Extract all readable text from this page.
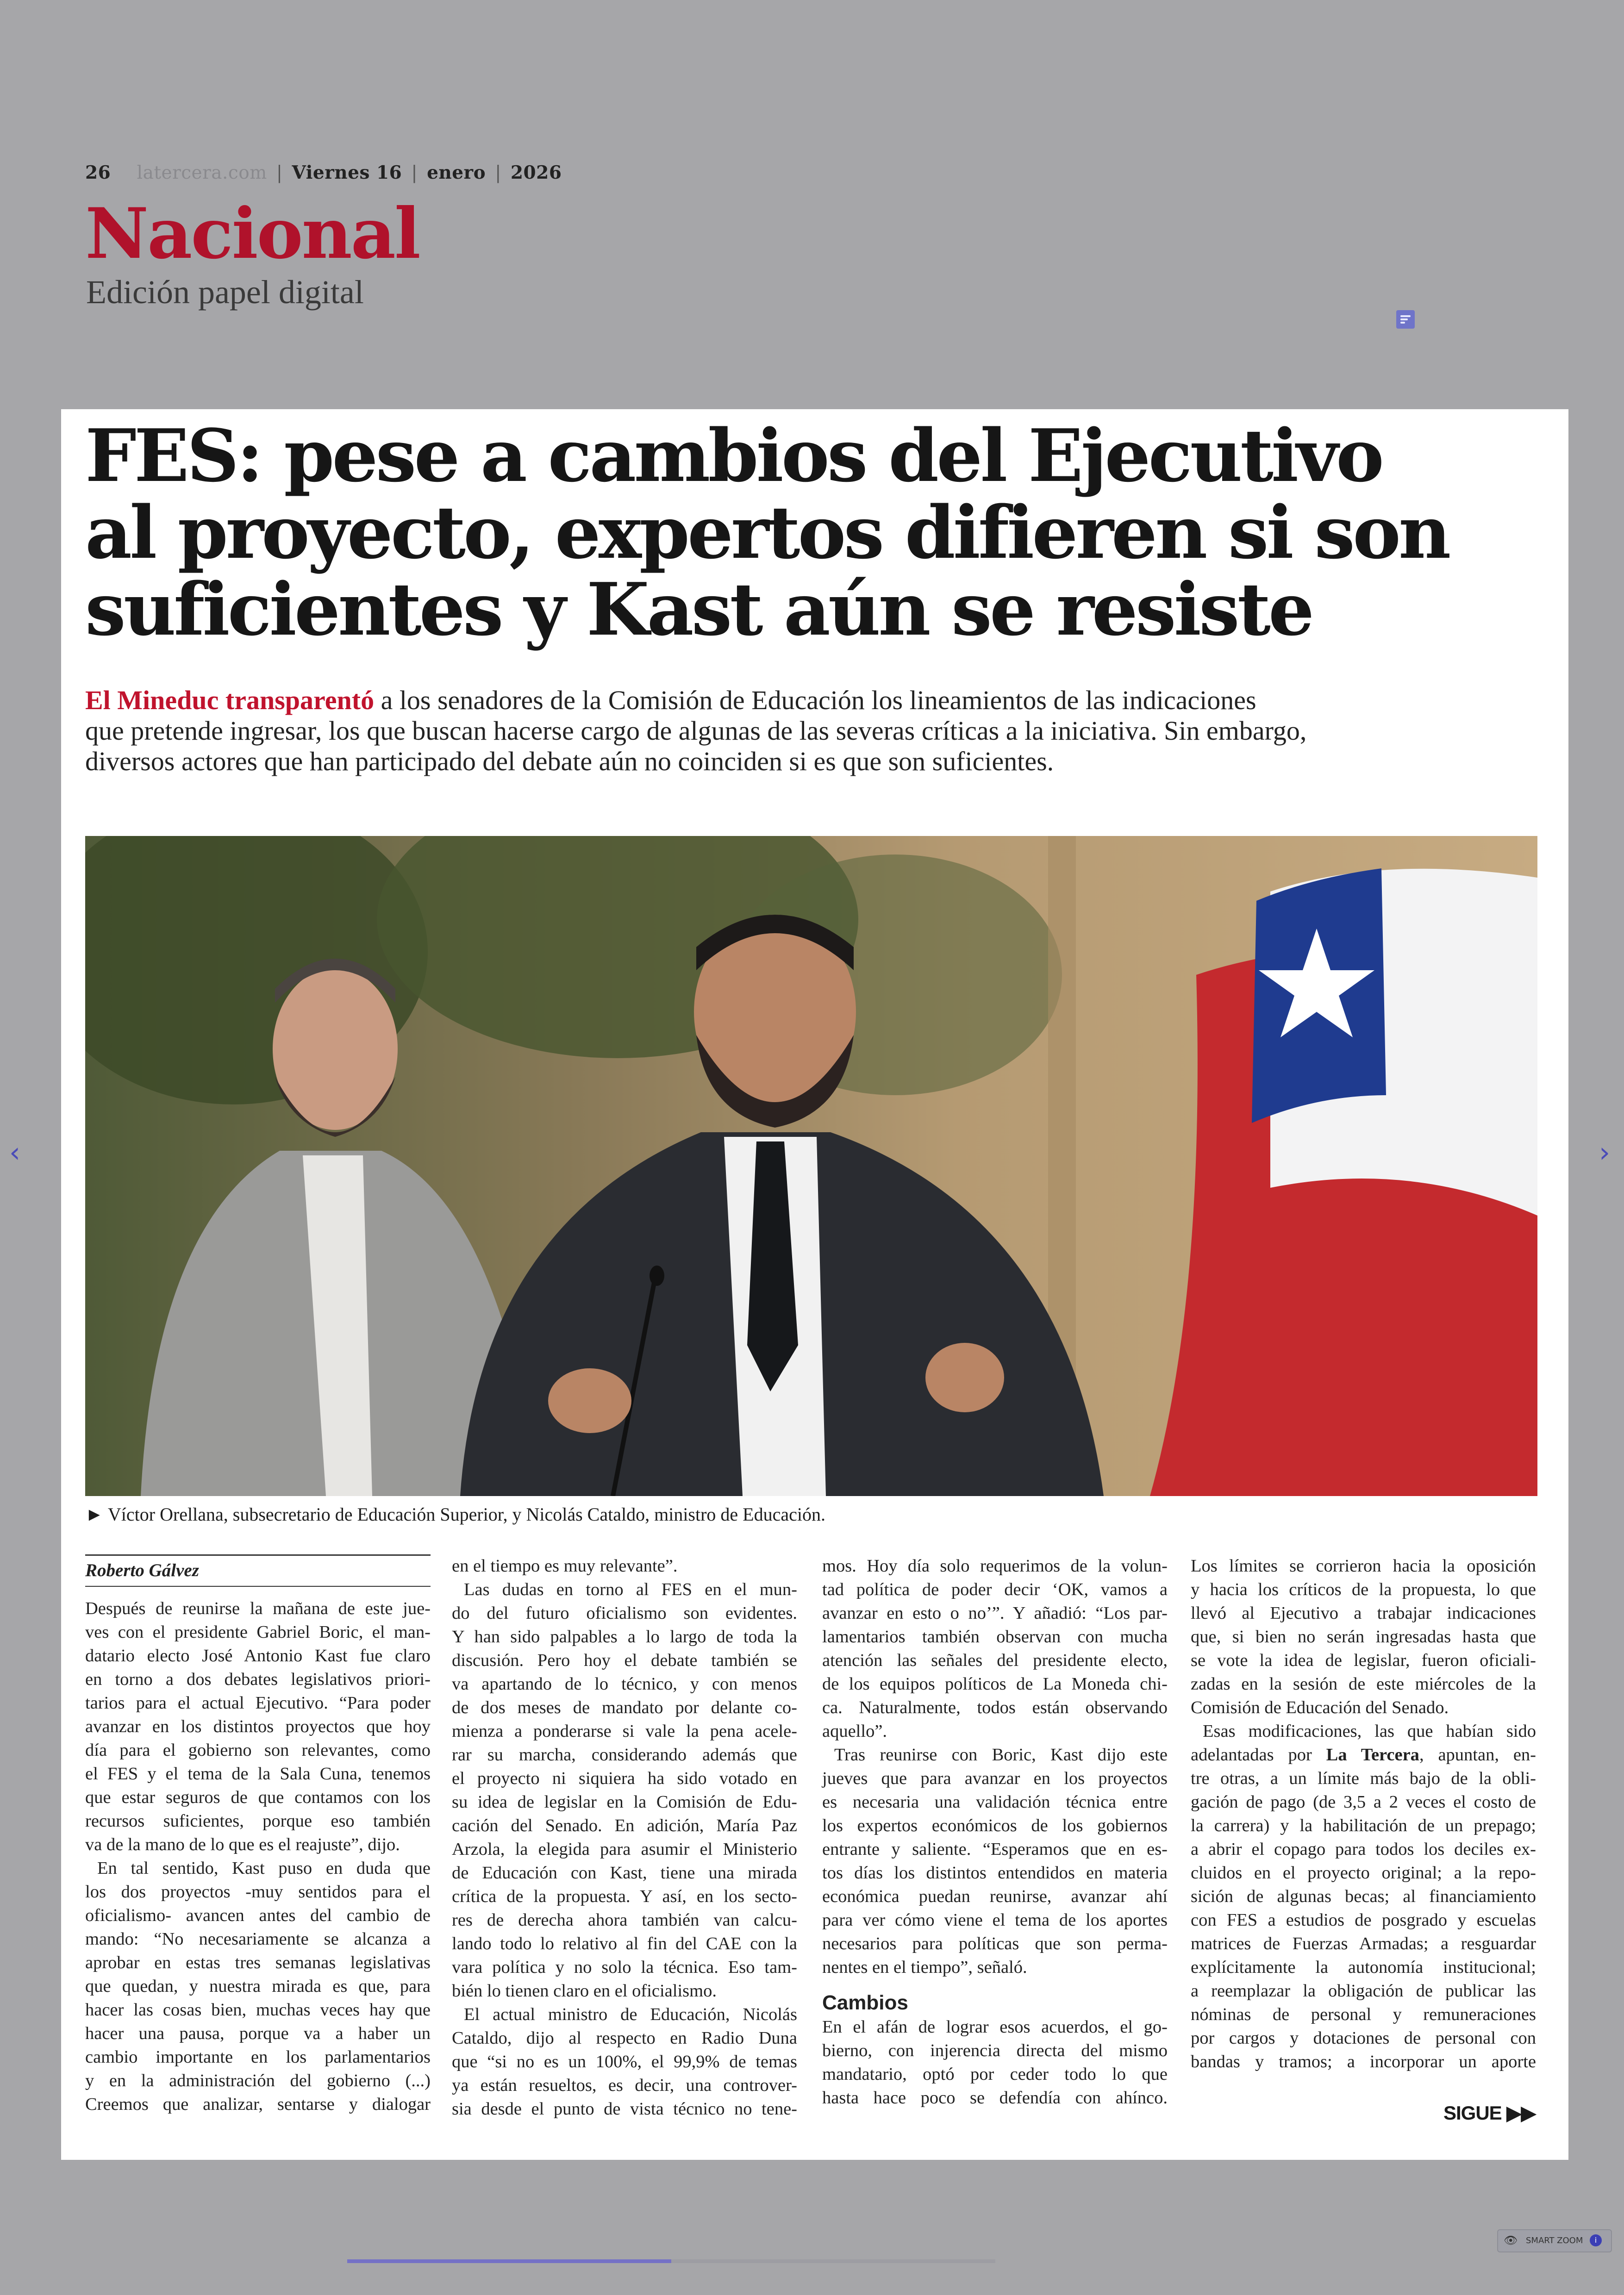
26 latercera.com | Viernes 16 | enero | 2026
Nacional
Edición papel digital
FES: pese a cambios del Ejecutivo
al proyecto, expertos difieren si son
suficientes y Kast aún se resiste
El Mineduc transparentó a los senadores de la Comisión de Educación los lineamientos de las indicaciones
que pretende ingresar, los que buscan hacerse cargo de algunas de las severas críticas a la iniciativa. Sin embargo,
diversos actores que han participado del debate aún no coinciden si es que son suficientes.
► Víctor Orellana, subsecretario de Educación Superior, y Nicolás Cataldo, ministro de Educación.
Roberto Gálvez

Después de reunirse la mañana de este jue-

ves con el presidente Gabriel Boric, el man-

datario electo José Antonio Kast fue claro

en torno a dos debates legislativos priori-

tarios para el actual Ejecutivo. “Para poder

avanzar en los distintos proyectos que hoy

día para el gobierno son relevantes, como

el FES y el tema de la Sala Cuna, tenemos

que estar seguros de que contamos con los

recursos suficientes, porque eso también

va de la mano de lo que es el reajuste”, dijo.

En tal sentido, Kast puso en duda que

los dos proyectos -muy sentidos para el

oficialismo- avancen antes del cambio de

mando: “No necesariamente se alcanza a

aprobar en estas tres semanas legislativas

que quedan, y nuestra mirada es que, para

hacer las cosas bien, muchas veces hay que

hacer una pausa, porque va a haber un

cambio importante en los parlamentarios

y en la administración del gobierno (...)

Creemos que analizar, sentarse y dialogar

en el tiempo es muy relevante”.

Las dudas en torno al FES en el mun-

do del futuro oficialismo son evidentes.

Y han sido palpables a lo largo de toda la

discusión. Pero hoy el debate también se

va apartando de lo técnico, y con menos

de dos meses de mandato por delante co-

mienza a ponderarse si vale la pena acele-

rar su marcha, considerando además que

el proyecto ni siquiera ha sido votado en

su idea de legislar en la Comisión de Edu-

cación del Senado. En adición, María Paz

Arzola, la elegida para asumir el Ministerio

de Educación con Kast, tiene una mirada

crítica de la propuesta. Y así, en los secto-

res de derecha ahora también van calcu-

lando todo lo relativo al fin del CAE con la

vara política y no solo la técnica. Eso tam-

bién lo tienen claro en el oficialismo.

El actual ministro de Educación, Nicolás

Cataldo, dijo al respecto en Radio Duna

que “si no es un 100%, el 99,9% de temas

ya están resueltos, es decir, una controver-

sia desde el punto de vista técnico no tene-

mos. Hoy día solo requerimos de la volun-

tad política de poder decir ‘OK, vamos a

avanzar en esto o no’”. Y añadió: “Los par-

lamentarios también observan con mucha

atención las señales del presidente electo,

de los equipos políticos de La Moneda chi-

ca. Naturalmente, todos están observando

aquello”.

Tras reunirse con Boric, Kast dijo este

jueves que para avanzar en los proyectos

es necesaria una validación técnica entre

los expertos económicos de los gobiernos

entrante y saliente. “Esperamos que en es-

tos días los distintos entendidos en materia

económica puedan reunirse, avanzar ahí

para ver cómo viene el tema de los aportes

necesarios para políticas que son perma-

nentes en el tiempo”, señaló.

Cambios

En el afán de lograr esos acuerdos, el go-

bierno, con injerencia directa del mismo

mandatario, optó por ceder todo lo que

hasta hace poco se defendía con ahínco.

Los límites se corrieron hacia la oposición

y hacia los críticos de la propuesta, lo que

llevó al Ejecutivo a trabajar indicaciones

que, si bien no serán ingresadas hasta que

se vote la idea de legislar, fueron oficiali-

zadas en la sesión de este miércoles de la

Comisión de Educación del Senado.

Esas modificaciones, las que habían sido

adelantadas por La Tercera, apuntan, en-

tre otras, a un límite más bajo de la obli-

gación de pago (de 3,5 a 2 veces el costo de

la carrera) y la habilitación de un prepago;

a abrir el copago para todos los deciles ex-

cluidos en el proyecto original; a la repo-

sición de algunas becas; al financiamiento

con FES a estudios de posgrado y escuelas

matrices de Fuerzas Armadas; a resguardar

explícitamente la autonomía institucional;

a reemplazar la obligación de publicar las

nóminas de personal y remuneraciones

por cargos y dotaciones de personal con

bandas y tramos; a incorporar un aporte

SIGUE ▶▶
‹	›
👁 SMART ZOOM	i
